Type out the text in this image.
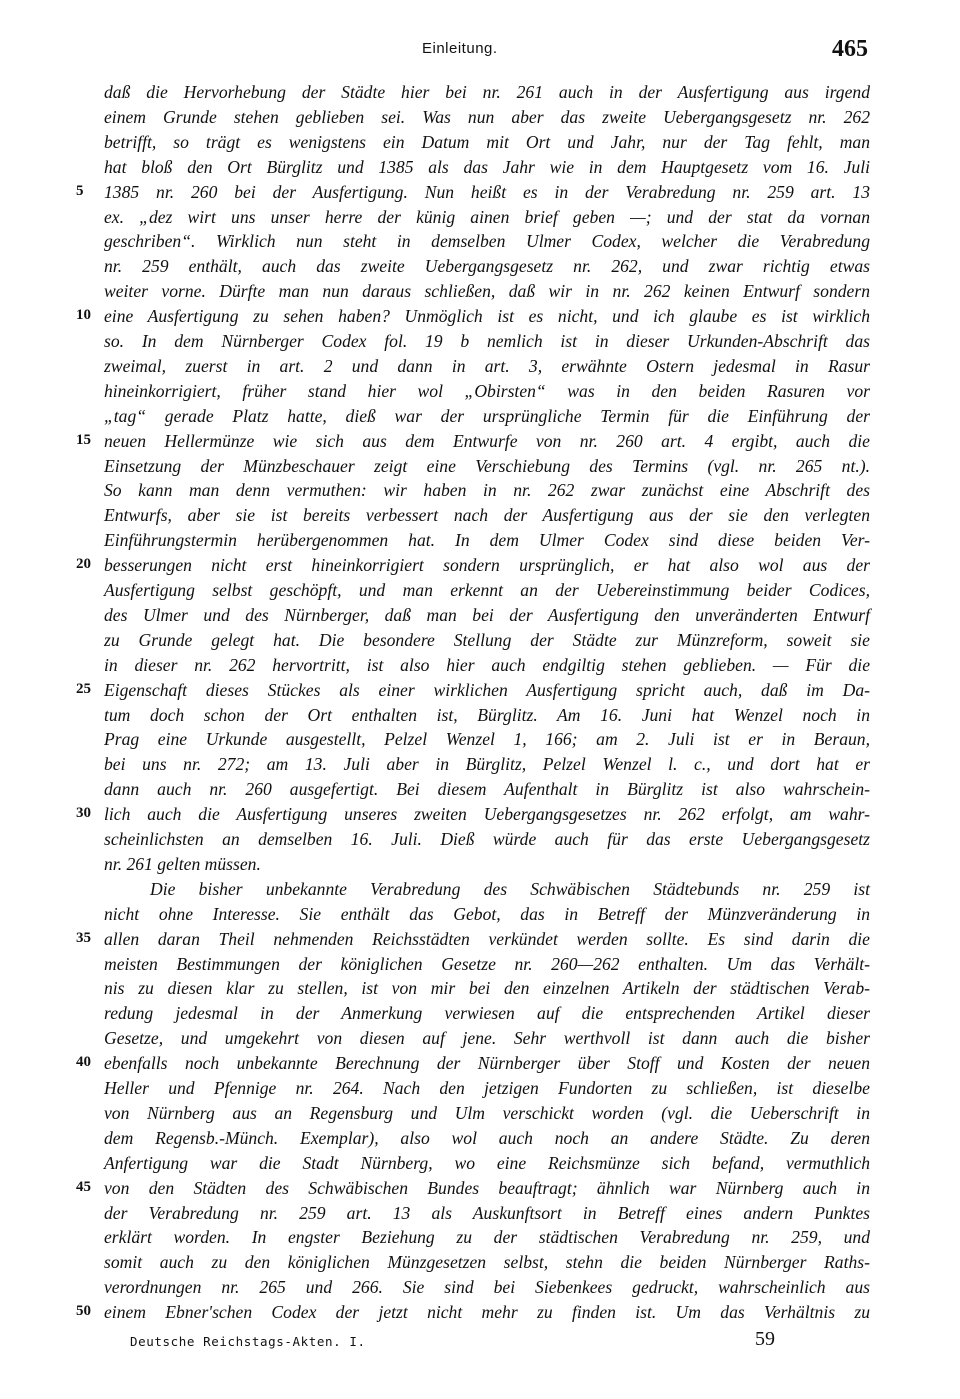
Einleitung.	465
daß die Hervorhebung der Städte hier bei nr. 261 auch in der Ausfertigung aus irgend
einem Grunde stehen geblieben sei. Was nun aber das zweite Uebergangsgesetz nr. 262
betrifft, so trägt es wenigstens ein Datum mit Ort und Jahr, nur der Tag fehlt, man
hat bloß den Ort Bürglitz und 1385 als das Jahr wie in dem Hauptgesetz vom 16. Juli
5	1385 nr. 260 bei der Ausfertigung. Nun heißt es in der Verabredung nr. 259 art. 13
ex. „dez wirt uns unser herre der künig ainen brief geben —; und der stat da vornan
geschriben“. Wirklich nun steht in demselben Ulmer Codex, welcher die Verabredung
nr. 259 enthält, auch das zweite Uebergangsgesetz nr. 262, und zwar richtig etwas
weiter vorne. Dürfte man nun daraus schließen, daß wir in nr. 262 keinen Entwurf sondern
10 eine Ausfertigung zu sehen haben? Unmöglich ist es nicht, und ich glaube es ist wirklich
so. In dem Nürnberger Codex fol. 19 b nemlich ist in dieser Urkunden-Abschrift das
zweimal, zuerst in art. 2 und dann in art. 3, erwähnte Ostern jedesmal in Rasur
hineinkorrigiert, früher stand hier wol „Obirsten“ was in den beiden Rasuren vor
„tag“ gerade Platz hatte, dieß war der ursprüngliche Termin für die Einführung der
15 neuen Hellermünze wie sich aus dem Entwurfe von nr. 260 art. 4 ergibt, auch die
Einsetzung der Münzbeschauer zeigt eine Verschiebung des Termins (vgl. nr. 265 nt.).
So kann man denn vermuthen: wir haben in nr. 262 zwar zunächst eine Abschrift des
Entwurfs, aber sie ist bereits verbessert nach der Ausfertigung aus der sie den verlegten
Einführungstermin herübergenommen hat. In dem Ulmer Codex sind diese beiden Ver-
20 besserungen nicht erst hineinkorrigiert sondern ursprünglich, er hat also wol aus der
Ausfertigung selbst geschöpft, und man erkennt an der Uebereinstimmung beider Codices,
des Ulmer und des Nürnberger, daß man bei der Ausfertigung den unveränderten Entwurf
zu Grunde gelegt hat. Die besondere Stellung der Städte zur Münzreform, soweit sie
in dieser nr. 262 hervortritt, ist also hier auch endgiltig stehen geblieben. — Für die
25 Eigenschaft dieses Stückes als einer wirklichen Ausfertigung spricht auch, daß im Da-
tum doch schon der Ort enthalten ist, Bürglitz. Am 16. Juni hat Wenzel noch in
Prag eine Urkunde ausgestellt, Pelzel Wenzel 1, 166; am 2. Juli ist er in Beraun,
bei uns nr. 272; am 13. Juli aber in Bürglitz, Pelzel Wenzel l. c., und dort hat er
dann auch nr. 260 ausgefertigt. Bei diesem Aufenthalt in Bürglitz ist also wahrschein-
30 lich auch die Ausfertigung unseres zweiten Uebergangsgesetzes nr. 262 erfolgt, am wahr-
scheinlichsten an demselben 16. Juli. Dieß würde auch für das erste Uebergangsgesetz
nr. 261 gelten müssen.
Die bisher unbekannte Verabredung des Schwäbischen Städtebunds nr. 259 ist
nicht ohne Interesse. Sie enthält das Gebot, das in Betreff der Münzveränderung in
35 allen daran Theil nehmenden Reichsstädten verkündet werden sollte. Es sind darin die
meisten Bestimmungen der königlichen Gesetze nr. 260—262 enthalten. Um das Verhält-
nis zu diesen klar zu stellen, ist von mir bei den einzelnen Artikeln der städtischen Verab-
redung jedesmal in der Anmerkung verwiesen auf die entsprechenden Artikel dieser
Gesetze, und umgekehrt von diesen auf jene. Sehr werthvoll ist dann auch die bisher
40 ebenfalls noch unbekannte Berechnung der Nürnberger über Stoff und Kosten der neuen
Heller und Pfennige nr. 264. Nach den jetzigen Fundorten zu schließen, ist dieselbe
von Nürnberg aus an Regensburg und Ulm verschickt worden (vgl. die Ueberschrift in
dem Regensb.-Münch. Exemplar), also wol auch noch an andere Städte. Zu deren
Anfertigung war die Stadt Nürnberg, wo eine Reichsmünze sich befand, vermuthlich
45 von den Städten des Schwäbischen Bundes beauftragt; ähnlich war Nürnberg auch in
der Verabredung nr. 259 art. 13 als Auskunftsort in Betreff eines andern Punktes
erklärt worden. In engster Beziehung zu der städtischen Verabredung nr. 259, und
somit auch zu den königlichen Münzgesetzen selbst, stehn die beiden Nürnberger Raths-
verordnungen nr. 265 und 266. Sie sind bei Siebenkees gedruckt, wahrscheinlich aus
50 einem Ebner'schen Codex der jetzt nicht mehr zu finden ist. Um das Verhältnis zu
Deutsche Reichstags-Akten. I.	59
